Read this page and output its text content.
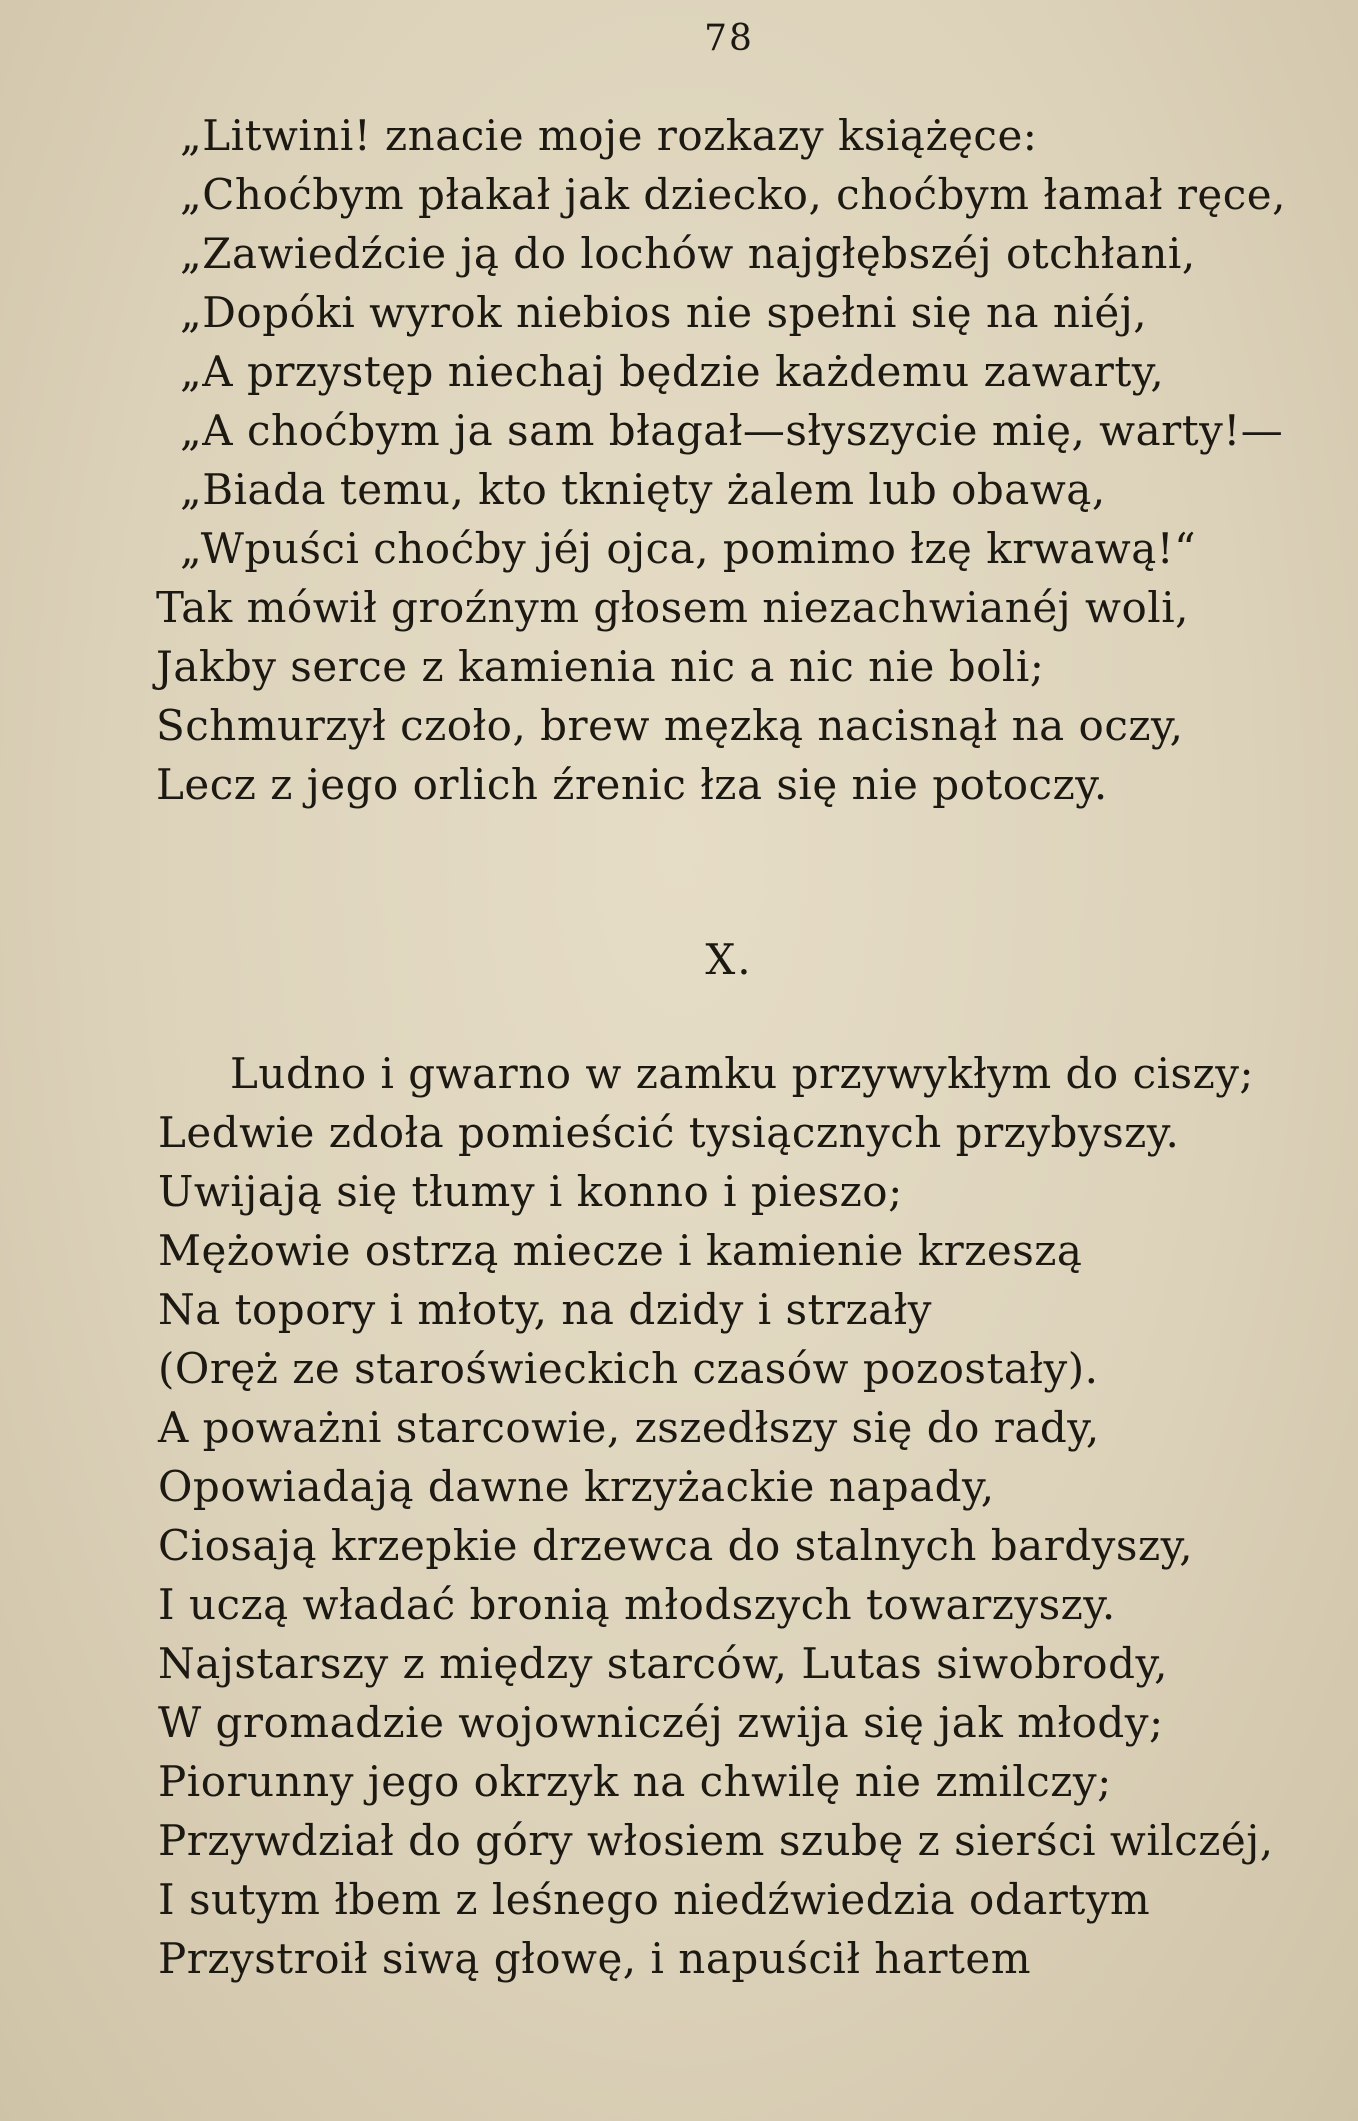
78
„Litwini! znacie moje rozkazy książęce:
„Choćbym płakał jak dziecko, choćbym łamał ręce,
„Zawiedźcie ją do lochów najgłębszéj otchłani,
„Dopóki wyrok niebios nie spełni się na niéj,
„A przystęp niechaj będzie każdemu zawarty,
„A choćbym ja sam błagał—słyszycie mię, warty!—
„Biada temu, kto tknięty żalem lub obawą,
„Wpuści choćby jéj ojca, pomimo łzę krwawą!“
Tak mówił groźnym głosem niezachwianéj woli,
Jakby serce z kamienia nic a nic nie boli;
Schmurzył czoło, brew męzką nacisnął na oczy,
Lecz z jego orlich źrenic łza się nie potoczy.
X.
Ludno i gwarno w zamku przywykłym do ciszy;
Ledwie zdoła pomieścić tysiącznych przybyszy.
Uwijają się tłumy i konno i pieszo;
Mężowie ostrzą miecze i kamienie krzeszą
Na topory i młoty, na dzidy i strzały
(Oręż ze staroświeckich czasów pozostały).
A poważni starcowie, zszedłszy się do rady,
Opowiadają dawne krzyżackie napady,
Ciosają krzepkie drzewca do stalnych bardyszy,
I uczą władać bronią młodszych towarzyszy.
Najstarszy z między starców, Lutas siwobrody,
W gromadzie wojowniczéj zwija się jak młody;
Piorunny jego okrzyk na chwilę nie zmilczy;
Przywdział do góry włosiem szubę z sierści wilczéj,
I sutym łbem z leśnego niedźwiedzia odartym
Przystroił siwą głowę, i napuścił hartem
